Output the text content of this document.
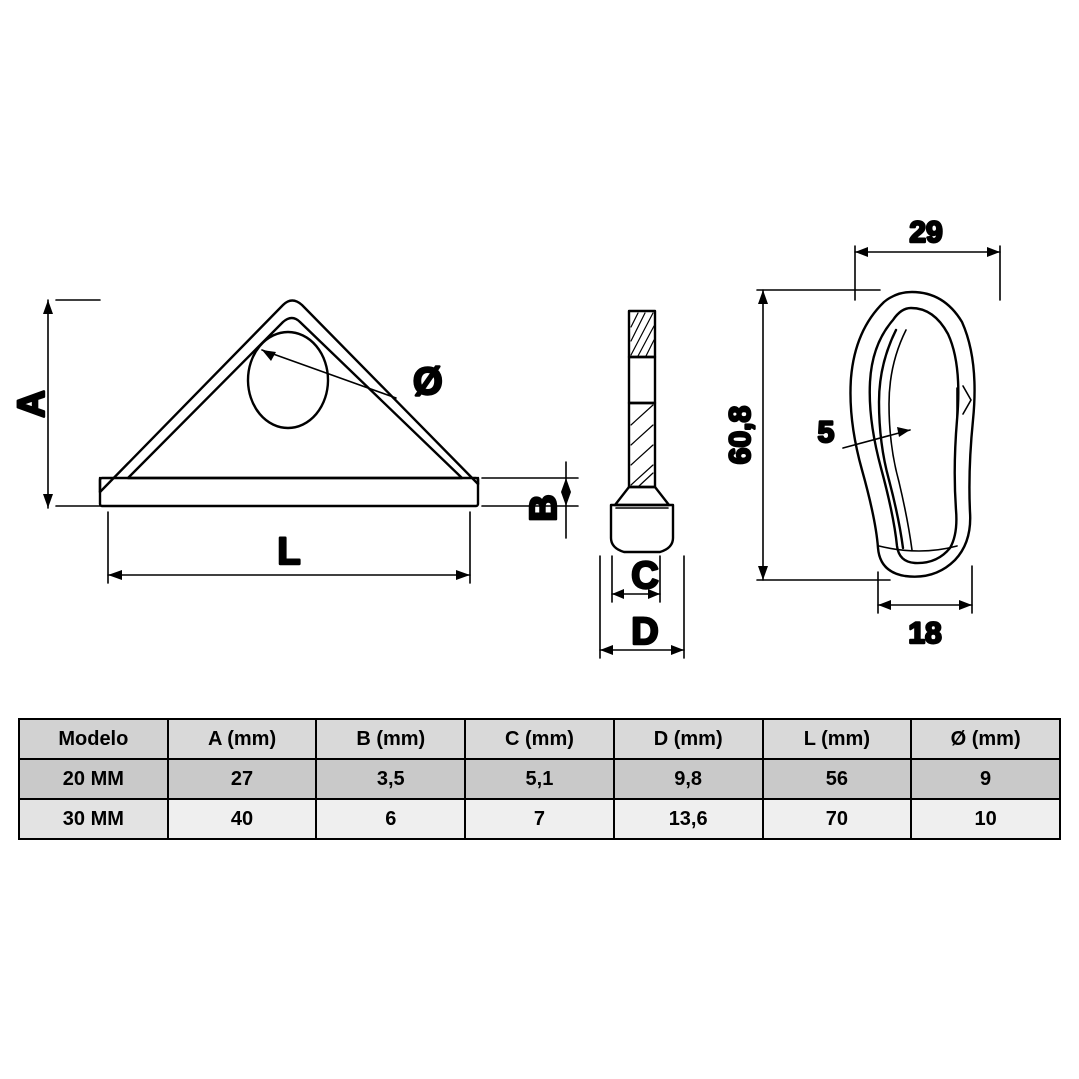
A
L
B
Ø
C
D
29
60,8
18
5
Modelo	A (mm)	B (mm)	C (mm)	D (mm)	L (mm)	Ø (mm)
20 MM	27	3,5	5,1	9,8	56	9
30 MM	40	6	7	13,6	70	10
